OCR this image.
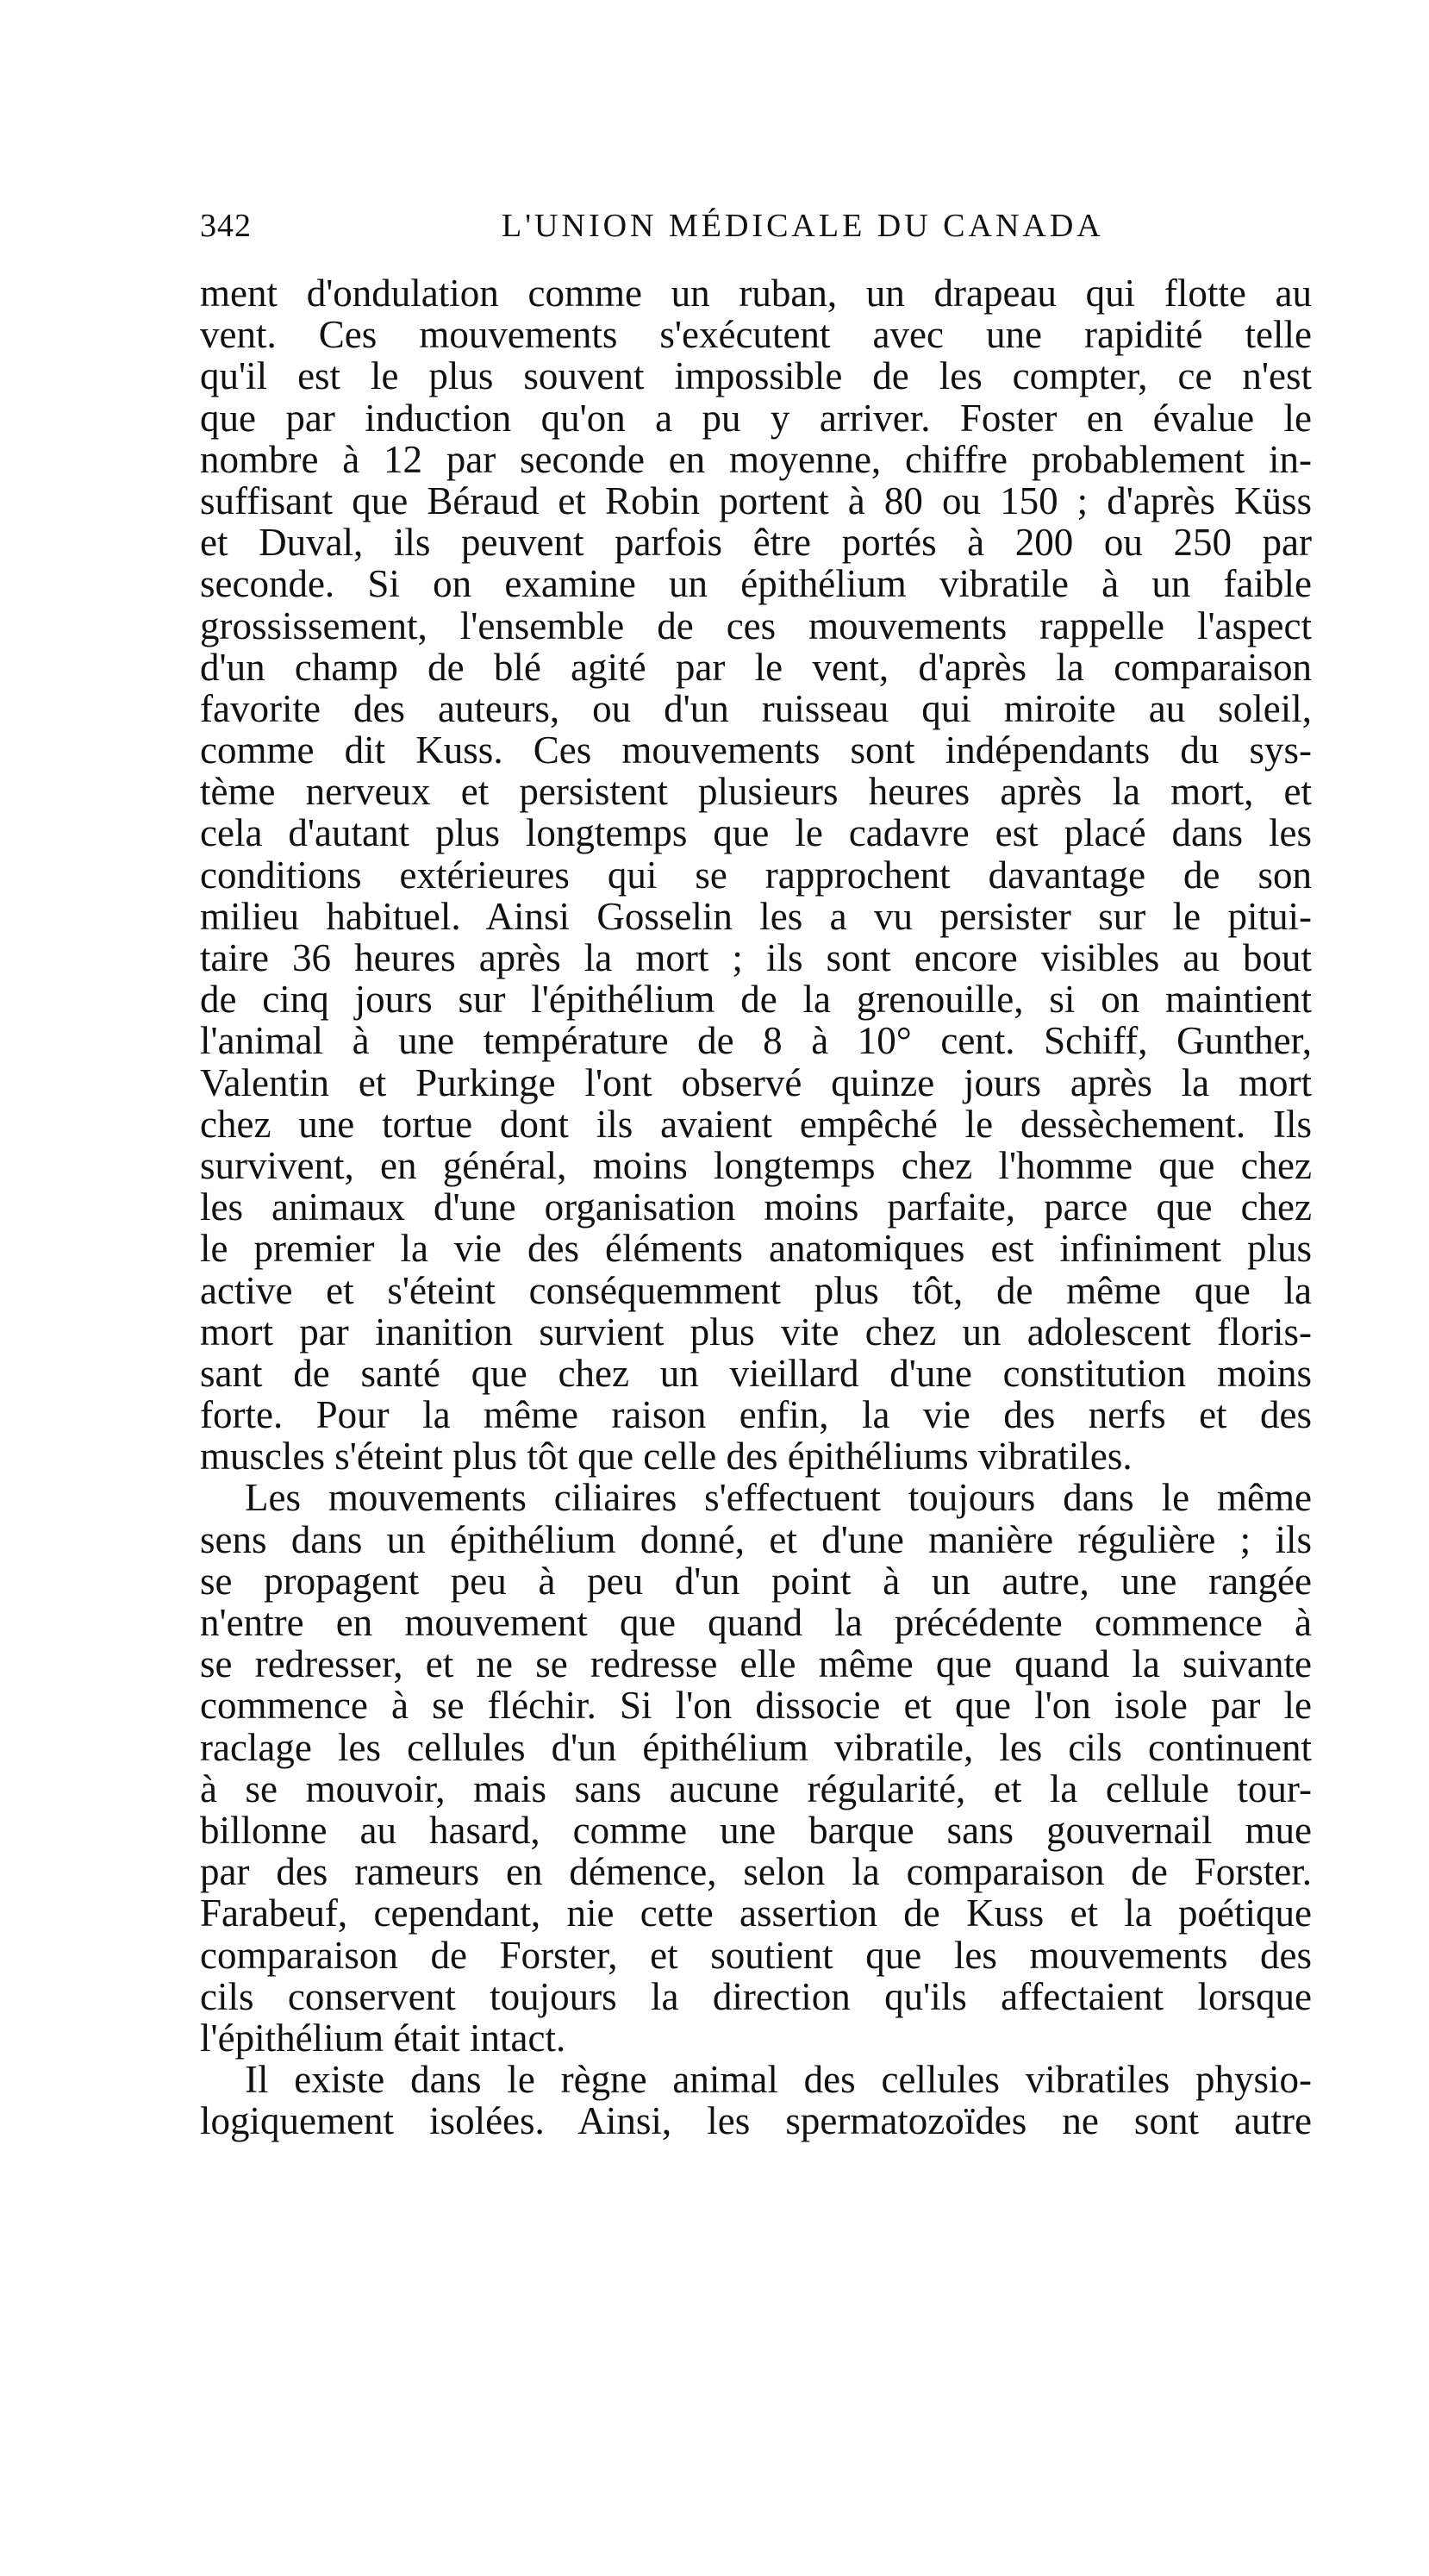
342	L'UNION MÉDICALE DU CANADA
ment d'ondulation comme un ruban, un drapeau qui flotte au
vent. Ces mouvements s'exécutent avec une rapidité telle
qu'il est le plus souvent impossible de les compter, ce n'est
que par induction qu'on a pu y arriver. Foster en évalue le
nombre à 12 par seconde en moyenne, chiffre probablement in-
suffisant que Béraud et Robin portent à 80 ou 150 ; d'après Küss
et Duval, ils peuvent parfois être portés à 200 ou 250 par
seconde. Si on examine un épithélium vibratile à un faible
grossissement, l'ensemble de ces mouvements rappelle l'aspect
d'un champ de blé agité par le vent, d'après la comparaison
favorite des auteurs, ou d'un ruisseau qui miroite au soleil,
comme dit Kuss. Ces mouvements sont indépendants du sys-
tème nerveux et persistent plusieurs heures après la mort, et
cela d'autant plus longtemps que le cadavre est placé dans les
conditions extérieures qui se rapprochent davantage de son
milieu habituel. Ainsi Gosselin les a vu persister sur le pitui-
taire 36 heures après la mort ; ils sont encore visibles au bout
de cinq jours sur l'épithélium de la grenouille, si on maintient
l'animal à une température de 8 à 10° cent. Schiff, Gunther,
Valentin et Purkinge l'ont observé quinze jours après la mort
chez une tortue dont ils avaient empêché le dessèchement. Ils
survivent, en général, moins longtemps chez l'homme que chez
les animaux d'une organisation moins parfaite, parce que chez
le premier la vie des éléments anatomiques est infiniment plus
active et s'éteint conséquemment plus tôt, de même que la
mort par inanition survient plus vite chez un adolescent floris-
sant de santé que chez un vieillard d'une constitution moins
forte. Pour la même raison enfin, la vie des nerfs et des
muscles s'éteint plus tôt que celle des épithéliums vibratiles.
Les mouvements ciliaires s'effectuent toujours dans le même
sens dans un épithélium donné, et d'une manière régulière ; ils
se propagent peu à peu d'un point à un autre, une rangée
n'entre en mouvement que quand la précédente commence à
se redresser, et ne se redresse elle même que quand la suivante
commence à se fléchir. Si l'on dissocie et que l'on isole par le
raclage les cellules d'un épithélium vibratile, les cils continuent
à se mouvoir, mais sans aucune régularité, et la cellule tour-
billonne au hasard, comme une barque sans gouvernail mue
par des rameurs en démence, selon la comparaison de Forster.
Farabeuf, cependant, nie cette assertion de Kuss et la poétique
comparaison de Forster, et soutient que les mouvements des
cils conservent toujours la direction qu'ils affectaient lorsque
l'épithélium était intact.
Il existe dans le règne animal des cellules vibratiles physio-
logiquement isolées. Ainsi, les spermatozoïdes ne sont autre
